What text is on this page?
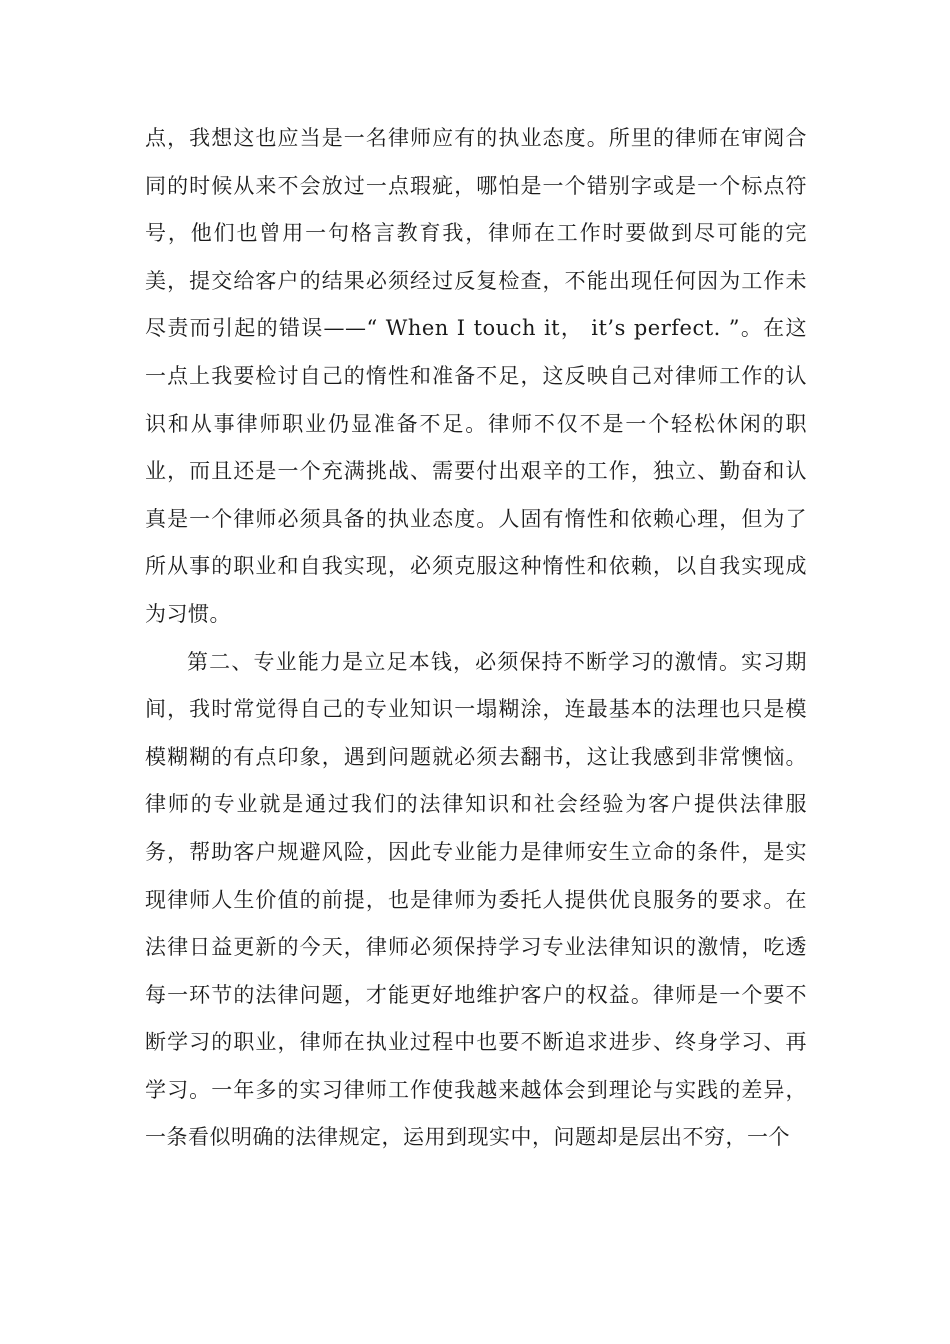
点，我想这也应当是一名律师应有的执业态度。所里的律师在审阅合同的时候从来不会放过一点瑕疵，哪怕是一个错别字或是一个标点符号，他们也曾用一句格言教育我，律师在工作时要做到尽可能的完美，提交给客户的结果必须经过反复检查，不能出现任何因为工作未尽责而引起的错误——“ When I touch it， it’s perfect. ”。在这一点上我要检讨自己的惰性和准备不足，这反映自己对律师工作的认识和从事律师职业仍显准备不足。律师不仅不是一个轻松休闲的职业，而且还是一个充满挑战、需要付出艰辛的工作，独立、勤奋和认真是一个律师必须具备的执业态度。人固有惰性和依赖心理，但为了所从事的职业和自我实现，必须克服这种惰性和依赖，以自我实现成为习惯。

第二、专业能力是立足本钱，必须保持不断学习的激情。实习期间，我时常觉得自己的专业知识一塌糊涂，连最基本的法理也只是模模糊糊的有点印象，遇到问题就必须去翻书，这让我感到非常懊恼。律师的专业就是通过我们的法律知识和社会经验为客户提供法律服务，帮助客户规避风险，因此专业能力是律师安生立命的条件，是实现律师人生价值的前提，也是律师为委托人提供优良服务的要求。在法律日益更新的今天，律师必须保持学习专业法律知识的激情，吃透每一环节的法律问题，才能更好地维护客户的权益。律师是一个要不断学习的职业，律师在执业过程中也要不断追求进步、终身学习、再学习。一年多的实习律师工作使我越来越体会到理论与实践的差异，一条看似明确的法律规定，运用到现实中，问题却是层出不穷，一个
